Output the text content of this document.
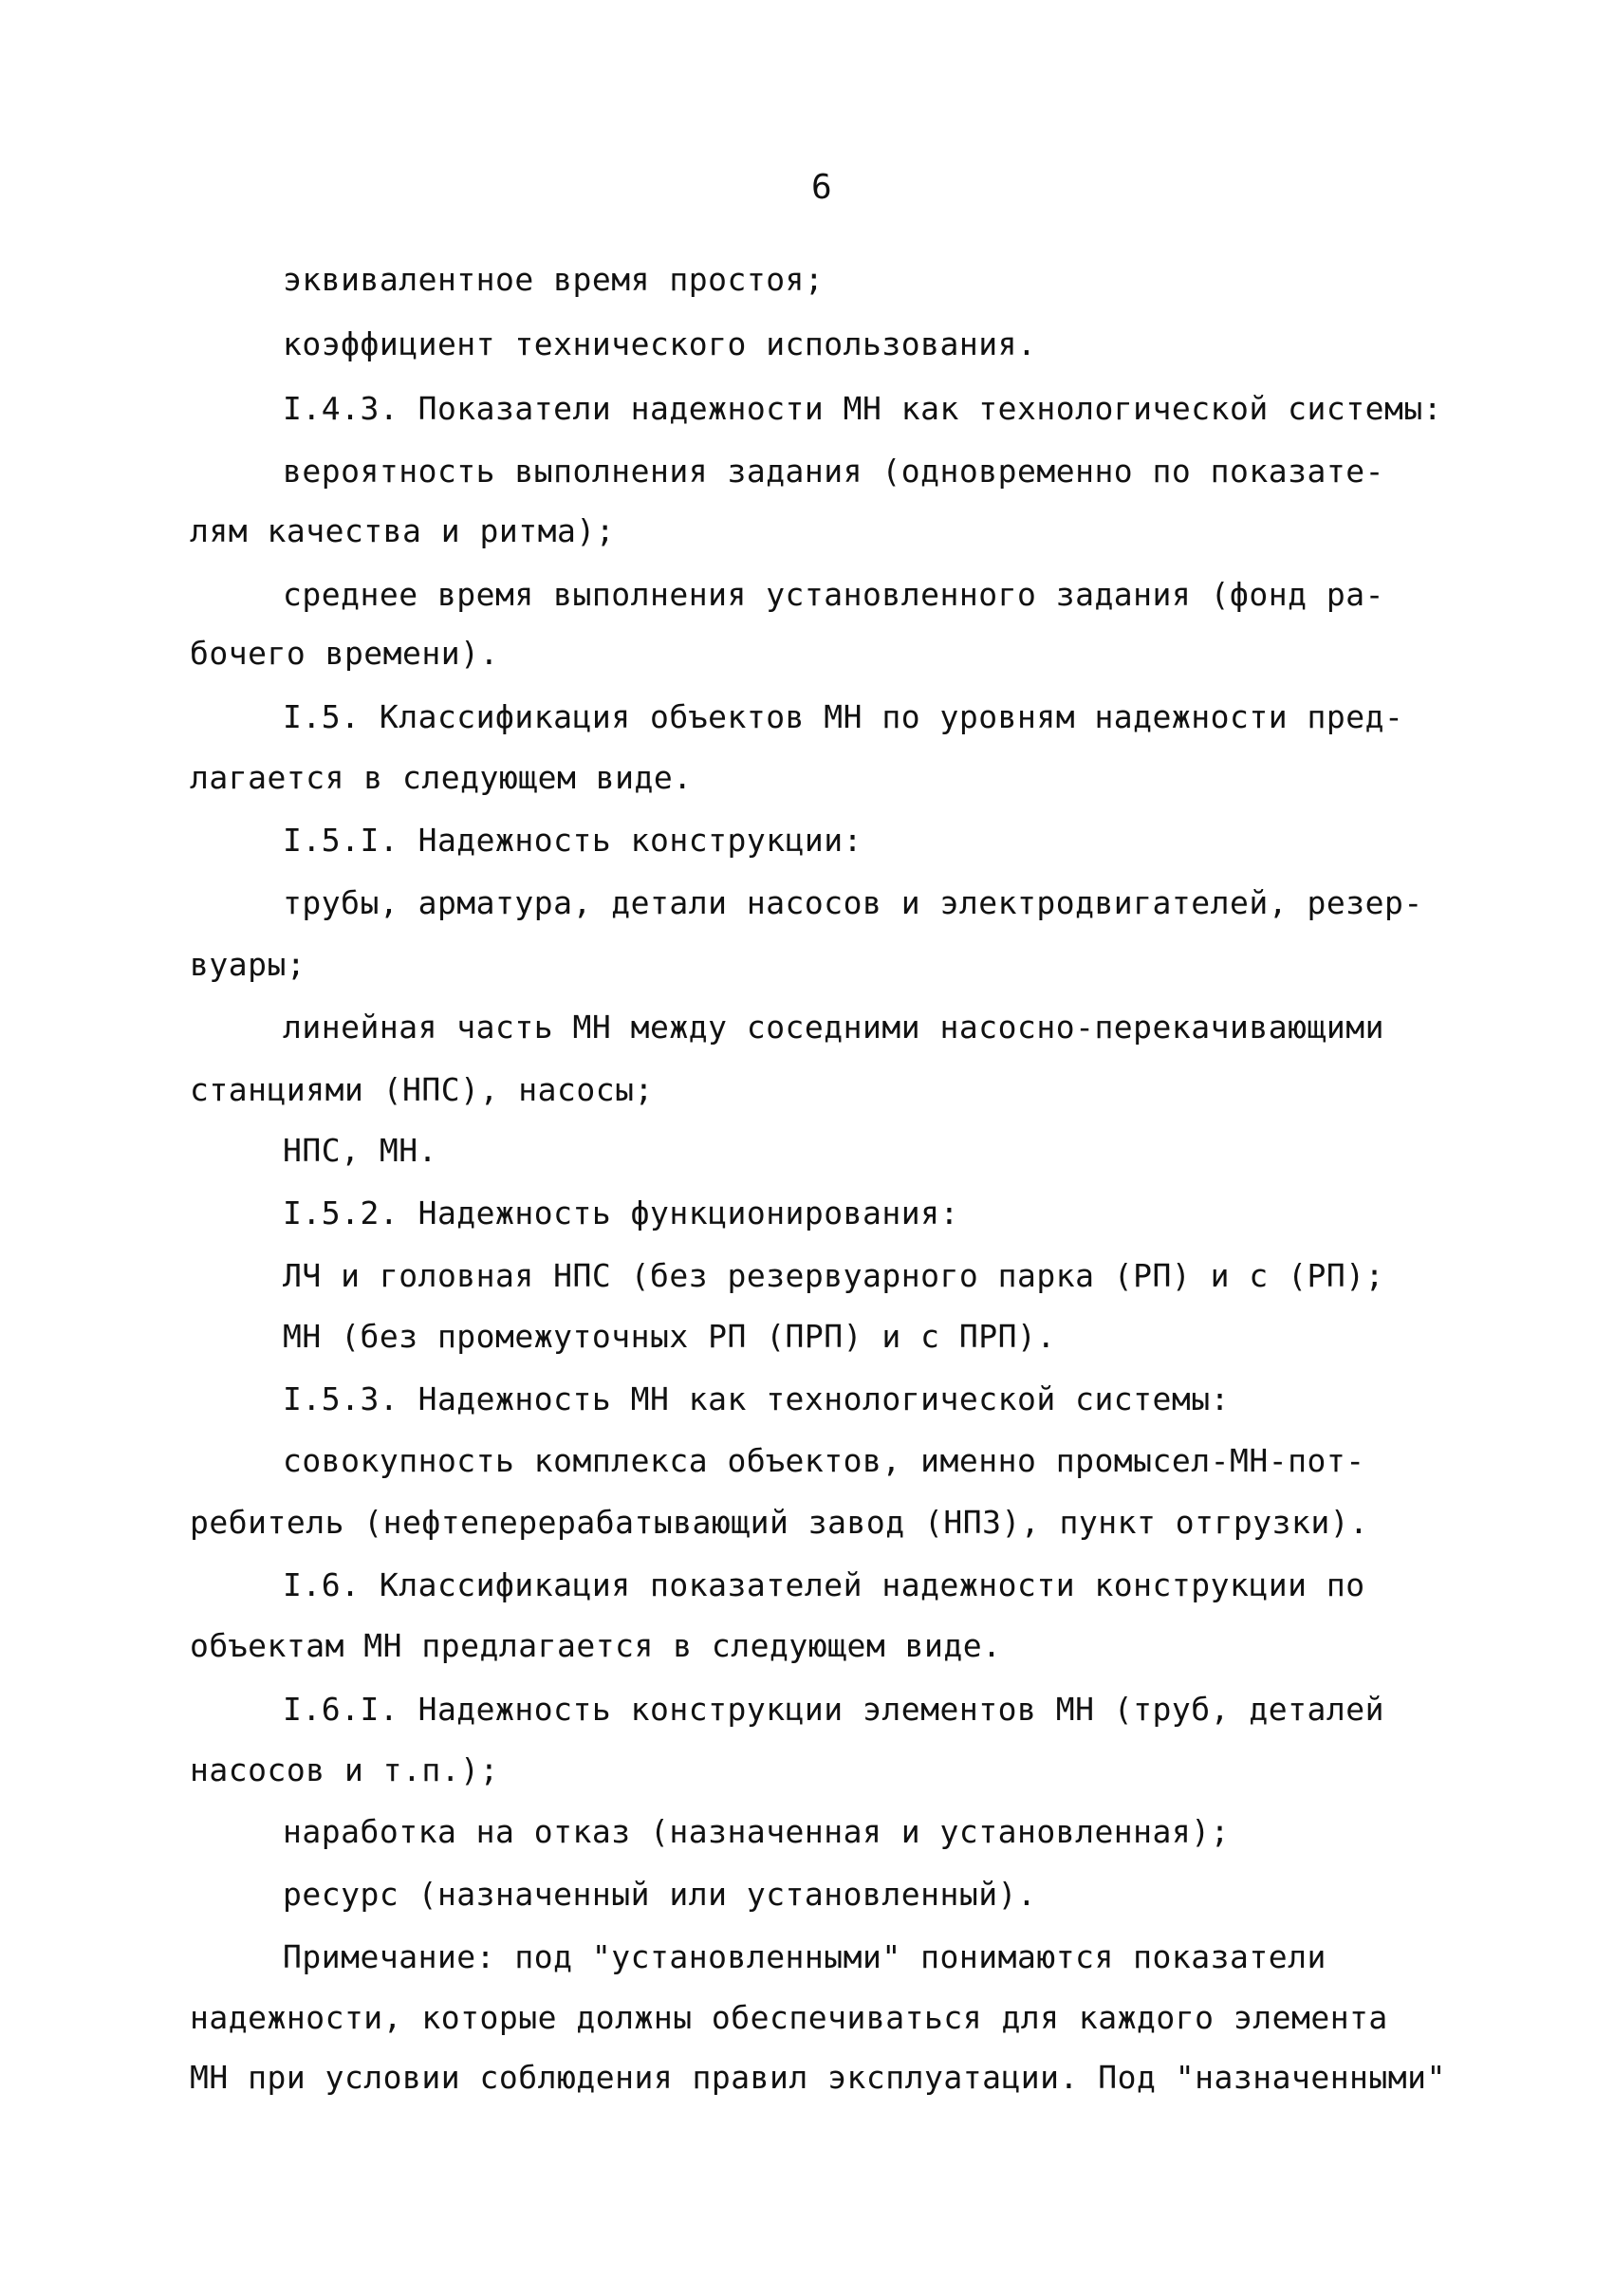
6
эквивалентное время простоя;
коэффициент технического использования.
I.4.3. Показатели надежности МН как технологической системы:
вероятность выполнения задания (одновременно по показате-
лям качества и ритма);
среднее время выполнения установленного задания (фонд ра-
бочего времени).
I.5. Классификация объектов МН по уровням надежности пред-
лагается в следующем виде.
I.5.I. Надежность конструкции:
трубы, арматура, детали насосов и электродвигателей, резер-
вуары;
линейная часть МН между соседними насосно-перекачивающими
станциями (НПС), насосы;
НПС, МН.
I.5.2. Надежность функционирования:
ЛЧ и головная НПС (без резервуарного парка (РП) и с (РП);
МН (без промежуточных РП (ПРП) и с ПРП).
I.5.3. Надежность МН как технологической системы:
совокупность комплекса объектов, именно промысел-МН-пот-
ребитель (нефтеперерабатывающий завод (НПЗ), пункт отгрузки).
I.6. Классификация показателей надежности конструкции по
объектам МН предлагается в следующем виде.
I.6.I. Надежность конструкции элементов МН (труб, деталей
насосов и т.п.);
наработка на отказ (назначенная и установленная);
ресурс (назначенный или установленный).
Примечание: под "установленными" понимаются показатели
надежности, которые должны обеспечиваться для каждого элемента
МН при условии соблюдения правил эксплуатации. Под "назначенными"
